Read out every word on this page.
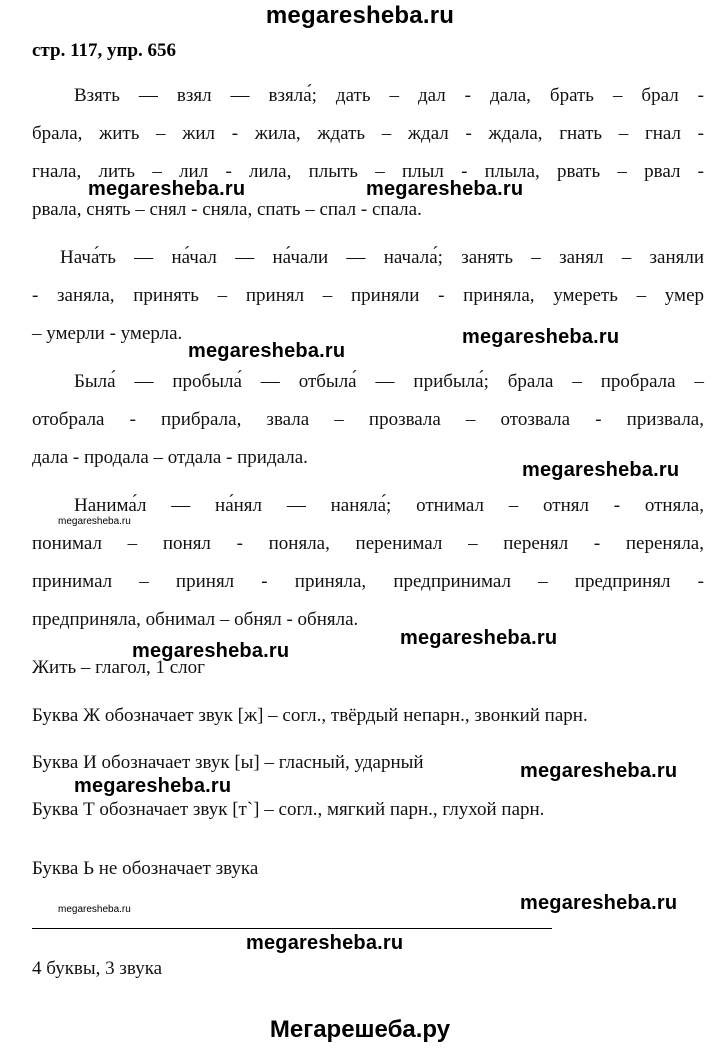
megaresheba.ru
стр. 117, упр. 656
Взять — взял — взяла́; дать – дал - дала, брать – брал -
брала, жить – жил - жила, ждать – ждал - ждала, гнать – гнал -
гнала, лить – лил - лила, плыть – плыл - плыла, рвать – рвал -
рвала, снять – снял - сняла, спать – спал - спала.
Нача́ть — на́чал — на́чали — начала́; занять – занял – заняли
- заняла, принять – принял – приняли - приняла, умереть – умер
– умерли - умерла.
Была́ — пробыла́ — отбыла́ — прибыла́; брала – пробрала –
отобрала - прибрала, звала – прозвала – отозвала - призвала,
дала - продала – отдала - придала.
Нанима́л — на́нял — наняла́; отнимал – отнял - отняла,
понимал – понял - поняла, перенимал – перенял - переняла,
принимал – принял - приняла, предпринимал – предпринял -
предприняла, обнимал – обнял - обняла.
Жить – глагол, 1 слог
Буква Ж обозначает звук [ж] – согл., твёрдый непарн., звонкий парн.
Буква И обозначает звук [ы] – гласный, ударный
Буква Т обозначает звук [т`] – согл., мягкий парн., глухой парн.
Буква Ь не обозначает звука
4 буквы, 3 звука
megaresheba.ru	megaresheba.ru
megaresheba.ru
megaresheba.ru
megaresheba.ru
megaresheba.ru
megaresheba.ru
megaresheba.ru
megaresheba.ru
megaresheba.ru
megaresheba.ru	megaresheba.ru
megaresheba.ru
Мегарешеба.ру
